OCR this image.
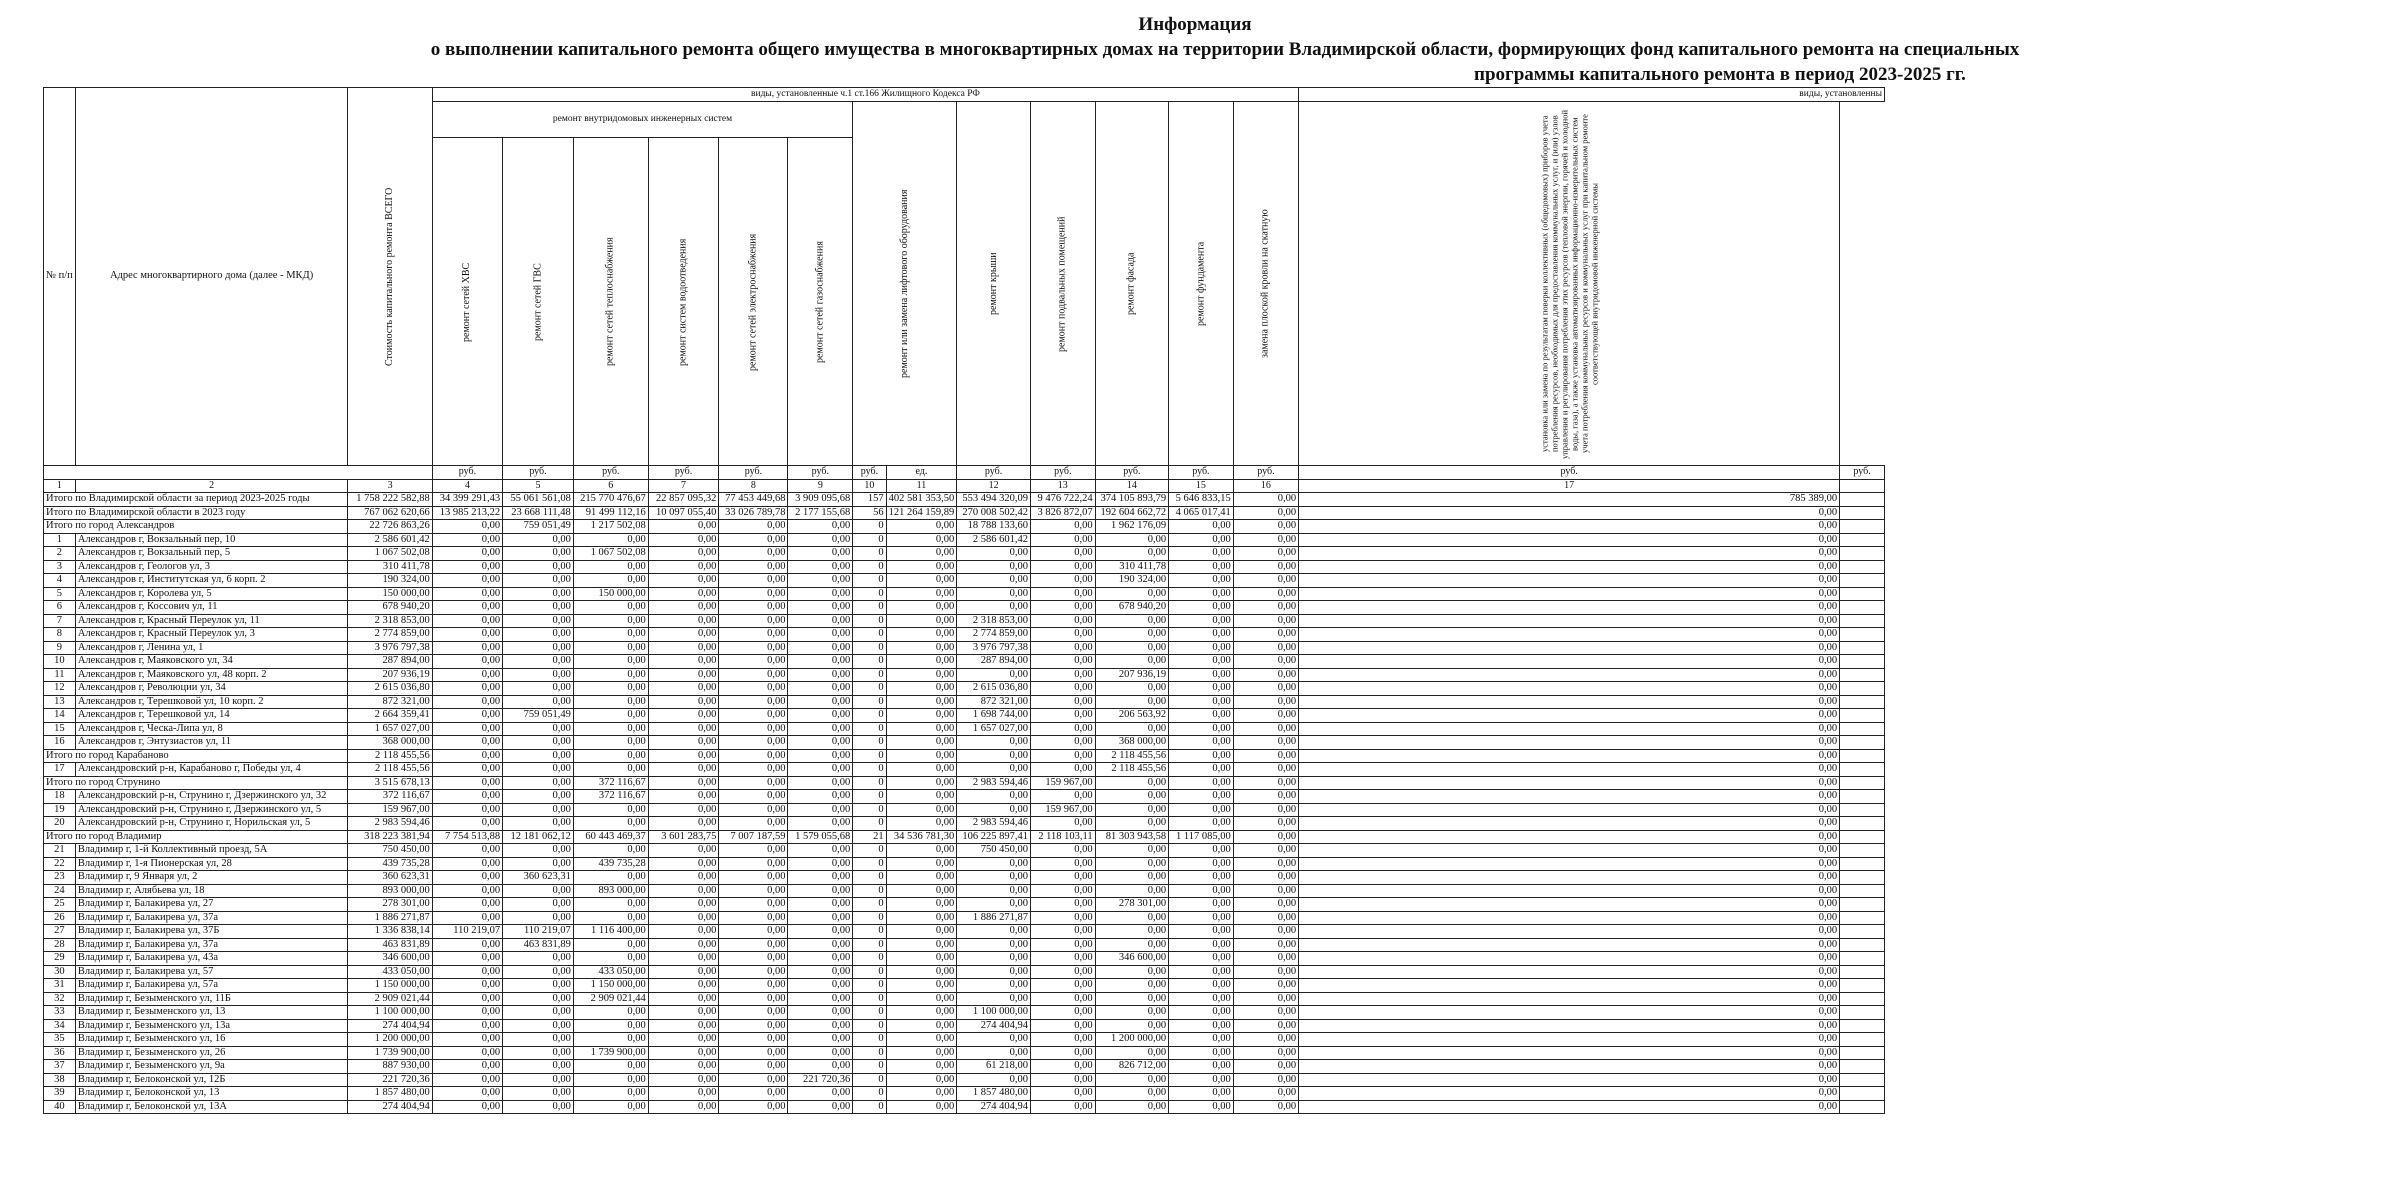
Информация
о выполнении капитального ремонта общего имущества в многоквартирных домах на территории Владимирской области, формирующих фонд капитального ремонта на специальных
программы капитального ремонта в период 2023-2025 гг.
№ п/п	Адрес многоквартирного дома (далее - МКД)	Стоимость капитального ремонта ВСЕГО	виды, установленные ч.1 ст.166 Жилищного Кодекса РФ													виды, установленны	
			ремонт внутридомовых инженерных систем						ремонт или замена лифтового оборудования		ремонт крыши	ремонт подвальных помещений	ремонт фасада	ремонт фундамента	замена плоской кровли на скатную	установка или замена по результатам поверки коллективных (общедомовых) приборов учета потребления ресурсов, необходимых для предоставления коммунальных услуг, и (или) узлов управления и регулирования потребления этих ресурсов (тепловой энергии, горячей и холодной воды, газа), а также установка автоматизированных информационно-измерительных систем учета потребления коммунальных ресурсов и коммунальных услуг при капитальном ремонте соответствующей внутридомовой инженерной системы	
			ремонт сетей ХВС	ремонт сетей ГВС	ремонт сетей теплоснабжения	ремонт систем водоотведения	ремонт сетей электроснабжения	ремонт сетей газоснабжения									
			руб.	руб.	руб.	руб.	руб.	руб.	руб.	ед.	руб.	руб.	руб.	руб.	руб.	руб.	руб.
1	2	3	4	5	6	7	8	9	10	11	12	13	14	15	16	17	
Итого по Владимирской области за период 2023-2025 годы		1 758 222 582,88	34 399 291,43	55 061 561,08	215 770 476,67	22 857 095,32	77 453 449,68	3 909 095,68	157	402 581 353,50	553 494 320,09	9 476 722,24	374 105 893,79	5 646 833,15	0,00	785 389,00	
Итого по Владимирской области в 2023 году		767 062 620,66	13 985 213,22	23 668 111,48	91 499 112,16	10 097 055,40	33 026 789,78	2 177 155,68	56	121 264 159,89	270 008 502,42	3 826 872,07	192 604 662,72	4 065 017,41	0,00	0,00	
Итого по город Александров		22 726 863,26	0,00	759 051,49	1 217 502,08	0,00	0,00	0,00	0	0,00	18 788 133,60	0,00	1 962 176,09	0,00	0,00	0,00	
1	Александров г, Вокзальный пер, 10	2 586 601,42	0,00	0,00	0,00	0,00	0,00	0,00	0	0,00	2 586 601,42	0,00	0,00	0,00	0,00	0,00	
2	Александров г, Вокзальный пер, 5	1 067 502,08	0,00	0,00	1 067 502,08	0,00	0,00	0,00	0	0,00	0,00	0,00	0,00	0,00	0,00	0,00	
3	Александров г, Геологов ул, 3	310 411,78	0,00	0,00	0,00	0,00	0,00	0,00	0	0,00	0,00	0,00	310 411,78	0,00	0,00	0,00	
4	Александров г, Институтская ул, 6 корп. 2	190 324,00	0,00	0,00	0,00	0,00	0,00	0,00	0	0,00	0,00	0,00	190 324,00	0,00	0,00	0,00	
5	Александров г, Королева ул, 5	150 000,00	0,00	0,00	150 000,00	0,00	0,00	0,00	0	0,00	0,00	0,00	0,00	0,00	0,00	0,00	
6	Александров г, Коссович ул, 11	678 940,20	0,00	0,00	0,00	0,00	0,00	0,00	0	0,00	0,00	0,00	678 940,20	0,00	0,00	0,00	
7	Александров г, Красный Переулок ул, 11	2 318 853,00	0,00	0,00	0,00	0,00	0,00	0,00	0	0,00	2 318 853,00	0,00	0,00	0,00	0,00	0,00	
8	Александров г, Красный Переулок ул, 3	2 774 859,00	0,00	0,00	0,00	0,00	0,00	0,00	0	0,00	2 774 859,00	0,00	0,00	0,00	0,00	0,00	
9	Александров г, Ленина ул, 1	3 976 797,38	0,00	0,00	0,00	0,00	0,00	0,00	0	0,00	3 976 797,38	0,00	0,00	0,00	0,00	0,00	
10	Александров г, Маяковского ул, 34	287 894,00	0,00	0,00	0,00	0,00	0,00	0,00	0	0,00	287 894,00	0,00	0,00	0,00	0,00	0,00	
11	Александров г, Маяковского ул, 48 корп. 2	207 936,19	0,00	0,00	0,00	0,00	0,00	0,00	0	0,00	0,00	0,00	207 936,19	0,00	0,00	0,00	
12	Александров г, Революции ул, 34	2 615 036,80	0,00	0,00	0,00	0,00	0,00	0,00	0	0,00	2 615 036,80	0,00	0,00	0,00	0,00	0,00	
13	Александров г, Терешковой ул, 10 корп. 2	872 321,00	0,00	0,00	0,00	0,00	0,00	0,00	0	0,00	872 321,00	0,00	0,00	0,00	0,00	0,00	
14	Александров г, Терешковой ул, 14	2 664 359,41	0,00	759 051,49	0,00	0,00	0,00	0,00	0	0,00	1 698 744,00	0,00	206 563,92	0,00	0,00	0,00	
15	Александров г, Ческа-Липа ул, 8	1 657 027,00	0,00	0,00	0,00	0,00	0,00	0,00	0	0,00	1 657 027,00	0,00	0,00	0,00	0,00	0,00	
16	Александров г, Энтузиастов ул, 11	368 000,00	0,00	0,00	0,00	0,00	0,00	0,00	0	0,00	0,00	0,00	368 000,00	0,00	0,00	0,00	
Итого по город Карабаново		2 118 455,56	0,00	0,00	0,00	0,00	0,00	0,00	0	0,00	0,00	0,00	2 118 455,56	0,00	0,00	0,00	
17	Александровский р-н, Карабаново г, Победы ул, 4	2 118 455,56	0,00	0,00	0,00	0,00	0,00	0,00	0	0,00	0,00	0,00	2 118 455,56	0,00	0,00	0,00	
Итого по город Струнино		3 515 678,13	0,00	0,00	372 116,67	0,00	0,00	0,00	0	0,00	2 983 594,46	159 967,00	0,00	0,00	0,00	0,00	
18	Александровский р-н, Струнино г, Дзержинского ул, 32	372 116,67	0,00	0,00	372 116,67	0,00	0,00	0,00	0	0,00	0,00	0,00	0,00	0,00	0,00	0,00	
19	Александровский р-н, Струнино г, Дзержинского ул, 5	159 967,00	0,00	0,00	0,00	0,00	0,00	0,00	0	0,00	0,00	159 967,00	0,00	0,00	0,00	0,00	
20	Александровский р-н, Струнино г, Норильская ул, 5	2 983 594,46	0,00	0,00	0,00	0,00	0,00	0,00	0	0,00	2 983 594,46	0,00	0,00	0,00	0,00	0,00	
Итого по город Владимир		318 223 381,94	7 754 513,88	12 181 062,12	60 443 469,37	3 601 283,75	7 007 187,59	1 579 055,68	21	34 536 781,30	106 225 897,41	2 118 103,11	81 303 943,58	1 117 085,00	0,00	0,00	
21	Владимир г, 1-й Коллективный проезд, 5А	750 450,00	0,00	0,00	0,00	0,00	0,00	0,00	0	0,00	750 450,00	0,00	0,00	0,00	0,00	0,00	
22	Владимир г, 1-я Пионерская ул, 28	439 735,28	0,00	0,00	439 735,28	0,00	0,00	0,00	0	0,00	0,00	0,00	0,00	0,00	0,00	0,00	
23	Владимир г, 9 Января ул, 2	360 623,31	0,00	360 623,31	0,00	0,00	0,00	0,00	0	0,00	0,00	0,00	0,00	0,00	0,00	0,00	
24	Владимир г, Алябьева ул, 18	893 000,00	0,00	0,00	893 000,00	0,00	0,00	0,00	0	0,00	0,00	0,00	0,00	0,00	0,00	0,00	
25	Владимир г, Балакирева ул, 27	278 301,00	0,00	0,00	0,00	0,00	0,00	0,00	0	0,00	0,00	0,00	278 301,00	0,00	0,00	0,00	
26	Владимир г, Балакирева ул, 37а	1 886 271,87	0,00	0,00	0,00	0,00	0,00	0,00	0	0,00	1 886 271,87	0,00	0,00	0,00	0,00	0,00	
27	Владимир г, Балакирева ул, 37Б	1 336 838,14	110 219,07	110 219,07	1 116 400,00	0,00	0,00	0,00	0	0,00	0,00	0,00	0,00	0,00	0,00	0,00	
28	Владимир г, Балакирева ул, 37а	463 831,89	0,00	463 831,89	0,00	0,00	0,00	0,00	0	0,00	0,00	0,00	0,00	0,00	0,00	0,00	
29	Владимир г, Балакирева ул, 43а	346 600,00	0,00	0,00	0,00	0,00	0,00	0,00	0	0,00	0,00	0,00	346 600,00	0,00	0,00	0,00	
30	Владимир г, Балакирева ул, 57	433 050,00	0,00	0,00	433 050,00	0,00	0,00	0,00	0	0,00	0,00	0,00	0,00	0,00	0,00	0,00	
31	Владимир г, Балакирева ул, 57а	1 150 000,00	0,00	0,00	1 150 000,00	0,00	0,00	0,00	0	0,00	0,00	0,00	0,00	0,00	0,00	0,00	
32	Владимир г, Безыменского ул, 11Б	2 909 021,44	0,00	0,00	2 909 021,44	0,00	0,00	0,00	0	0,00	0,00	0,00	0,00	0,00	0,00	0,00	
33	Владимир г, Безыменского ул, 13	1 100 000,00	0,00	0,00	0,00	0,00	0,00	0,00	0	0,00	1 100 000,00	0,00	0,00	0,00	0,00	0,00	
34	Владимир г, Безыменского ул, 13а	274 404,94	0,00	0,00	0,00	0,00	0,00	0,00	0	0,00	274 404,94	0,00	0,00	0,00	0,00	0,00	
35	Владимир г, Безыменского ул, 16	1 200 000,00	0,00	0,00	0,00	0,00	0,00	0,00	0	0,00	0,00	0,00	1 200 000,00	0,00	0,00	0,00	
36	Владимир г, Безыменского ул, 26	1 739 900,00	0,00	0,00	1 739 900,00	0,00	0,00	0,00	0	0,00	0,00	0,00	0,00	0,00	0,00	0,00	
37	Владимир г, Безыменского ул, 9а	887 930,00	0,00	0,00	0,00	0,00	0,00	0,00	0	0,00	61 218,00	0,00	826 712,00	0,00	0,00	0,00	
38	Владимир г, Белоконской ул, 12Б	221 720,36	0,00	0,00	0,00	0,00	0,00	221 720,36	0	0,00	0,00	0,00	0,00	0,00	0,00	0,00	
39	Владимир г, Белоконской ул, 13	1 857 480,00	0,00	0,00	0,00	0,00	0,00	0,00	0	0,00	1 857 480,00	0,00	0,00	0,00	0,00	0,00	
40	Владимир г, Белоконской ул, 13А	274 404,94	0,00	0,00	0,00	0,00	0,00	0,00	0	0,00	274 404,94	0,00	0,00	0,00	0,00	0,00	
